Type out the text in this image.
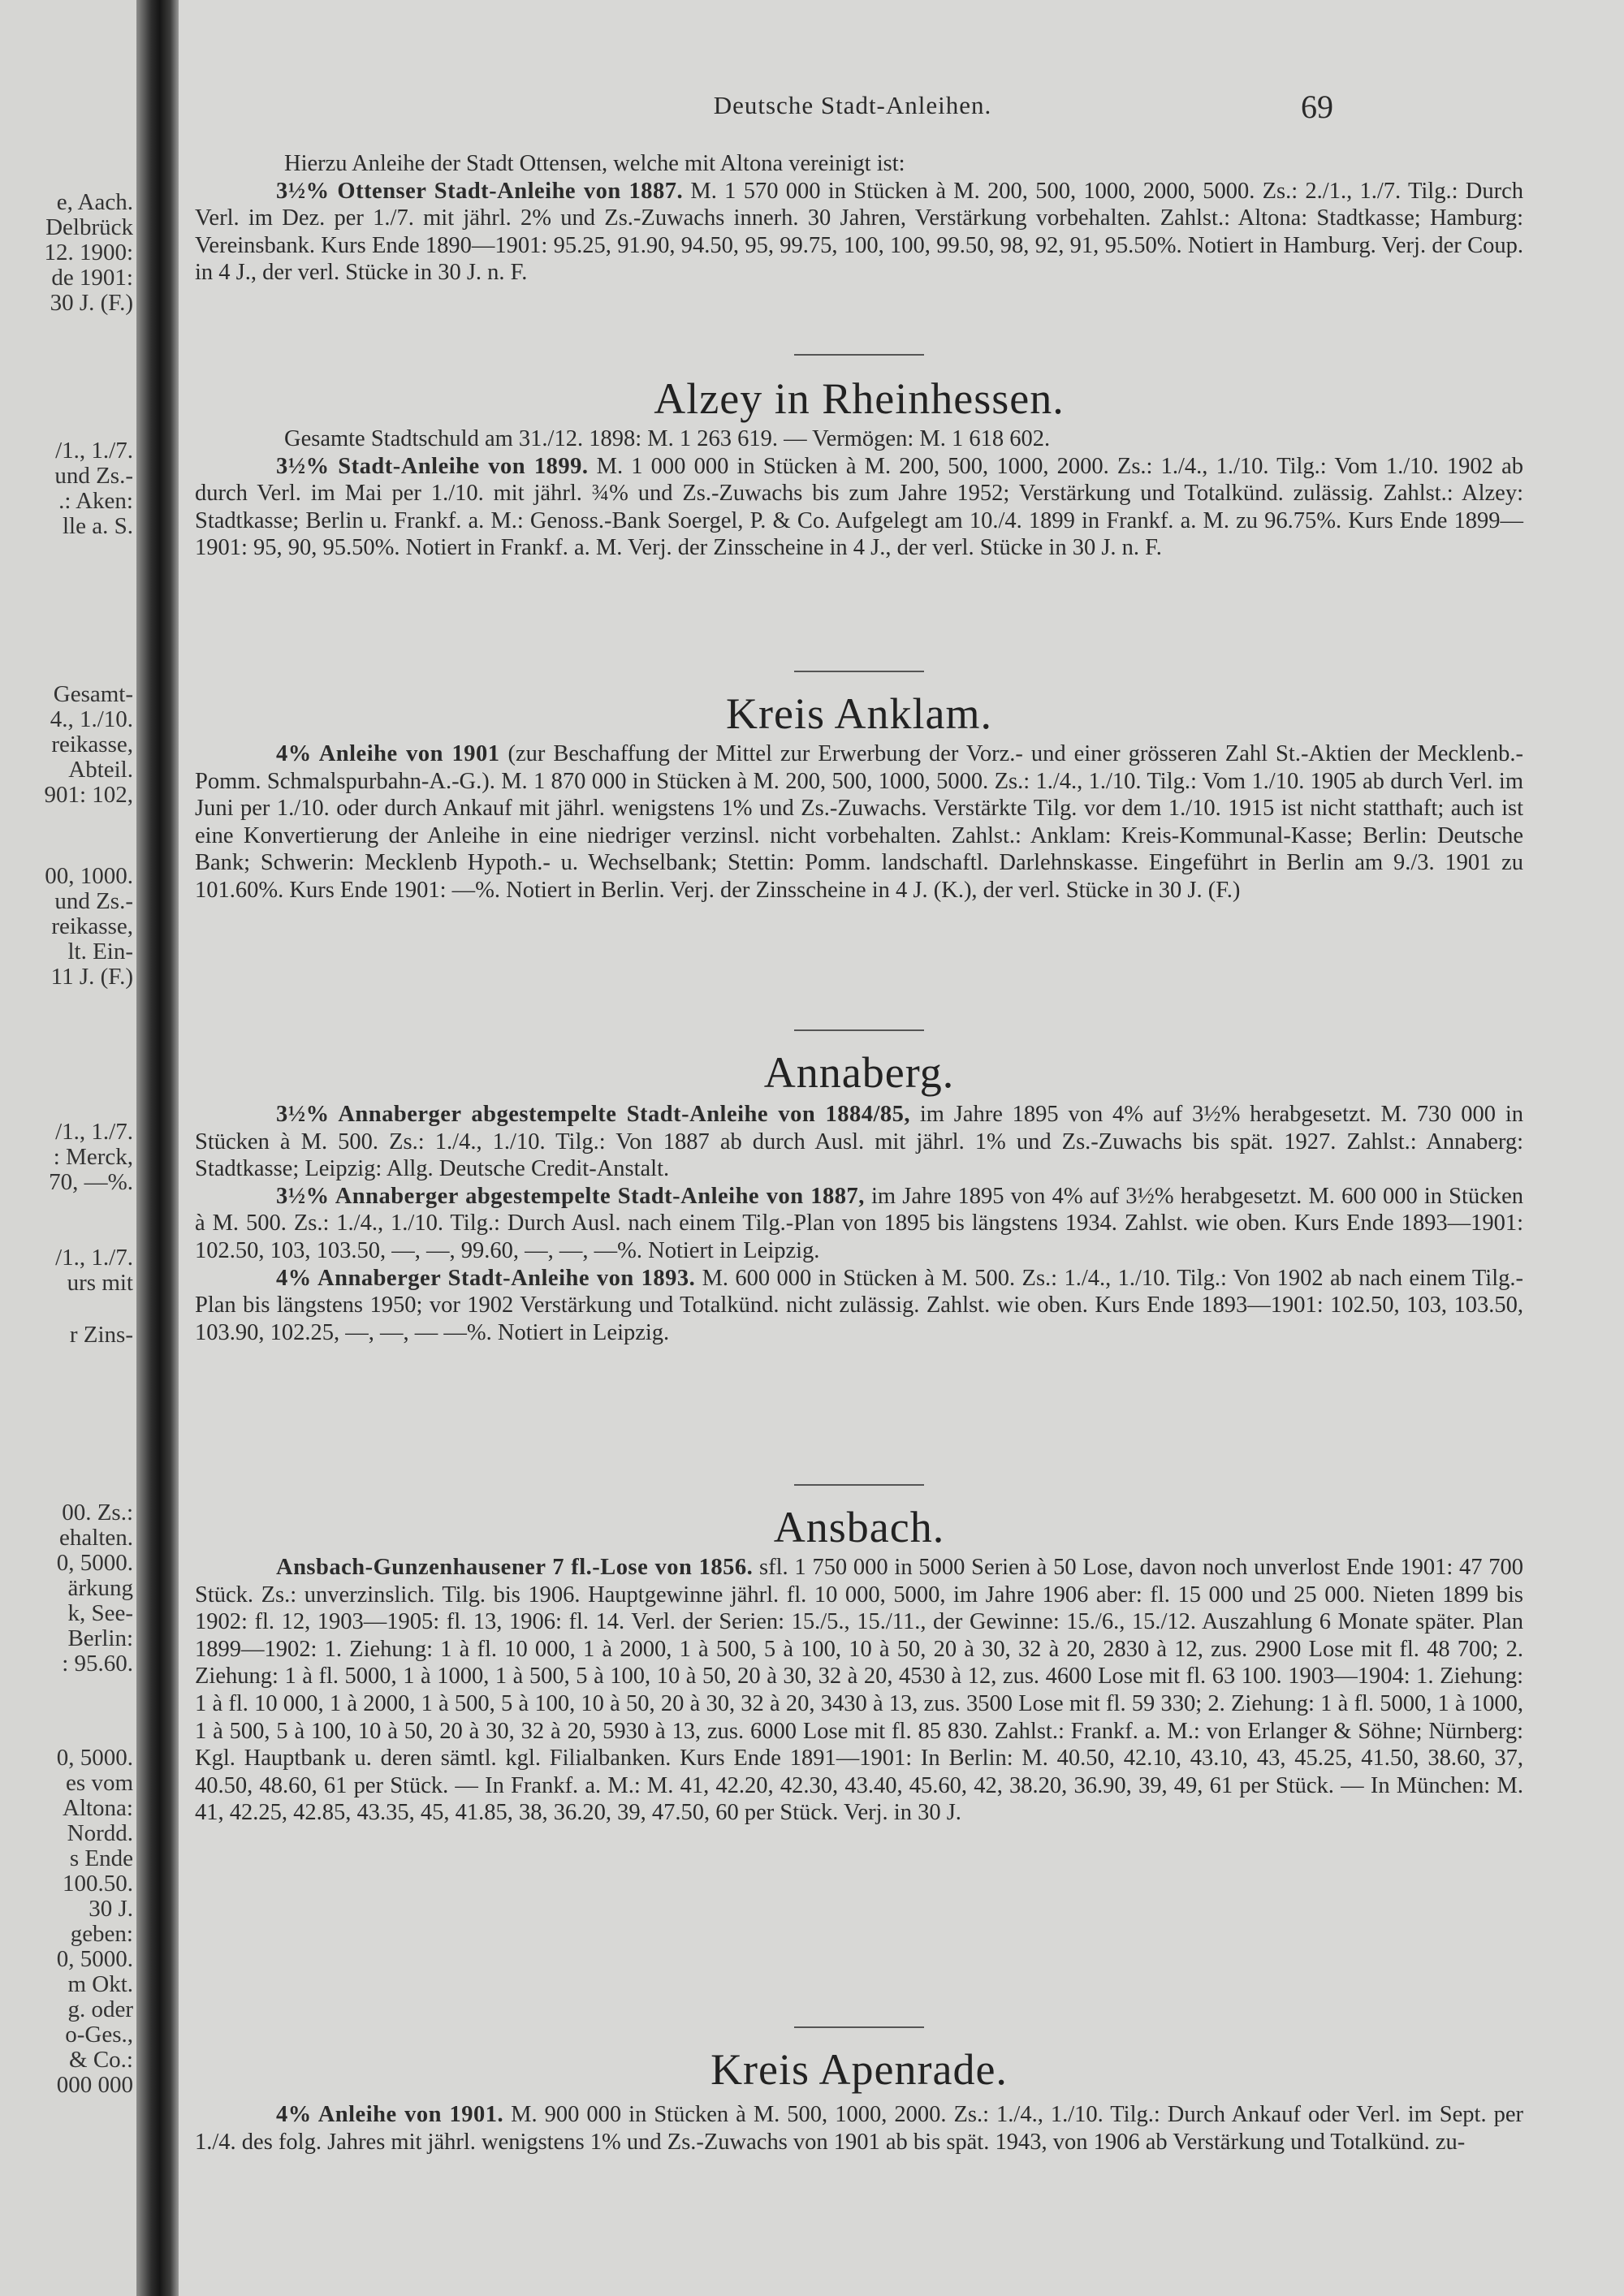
e, Aach.
Delbrück
12. 1900:
de 1901:
30 J. (F.)
/1., 1./7.
und Zs.-
.: Aken:
lle a. S.
Gesamt-
4., 1./10.
reikasse,
Abteil.
901: 102,
00, 1000.
und Zs.-
reikasse,
lt. Ein-
11 J. (F.)
/1., 1./7.
: Merck,
70, —%.
/1., 1./7.
urs mit
00. Zs.:
ehalten.
0, 5000.
ärkung
k, See-
Berlin:
: 95.60.
0, 5000.
es vom
Altona:
Nordd.
s Ende
100.50.
30 J.
geben:
0, 5000.
m Okt.
g. oder
o-Ges.,
& Co.:
000 000
r Zins-
Deutsche Stadt-Anleihen.	69

Hierzu Anleihe der Stadt Ottensen, welche mit Altona vereinigt ist:

3½% Ottenser Stadt-Anleihe von 1887. M. 1 570 000 in Stücken à M. 200, 500, 1000, 2000, 5000. Zs.: 2./1., 1./7. Tilg.: Durch Verl. im Dez. per 1./7. mit jährl. 2% und Zs.-Zuwachs innerh. 30 Jahren, Verstärkung vorbehalten. Zahlst.: Altona: Stadtkasse; Hamburg: Vereinsbank. Kurs Ende 1890—1901: 95.25, 91.90, 94.50, 95, 99.75, 100, 100, 99.50, 98, 92, 91, 95.50%. Notiert in Hamburg. Verj. der Coup. in 4 J., der verl. Stücke in 30 J. n. F.

Alzey in Rheinhessen.

Gesamte Stadtschuld am 31./12. 1898: M. 1 263 619. — Vermögen: M. 1 618 602.

3½% Stadt-Anleihe von 1899. M. 1 000 000 in Stücken à M. 200, 500, 1000, 2000. Zs.: 1./4., 1./10. Tilg.: Vom 1./10. 1902 ab durch Verl. im Mai per 1./10. mit jährl. ¾% und Zs.-Zuwachs bis zum Jahre 1952; Verstärkung und Totalkünd. zulässig. Zahlst.: Alzey: Stadtkasse; Berlin u. Frankf. a. M.: Genoss.-Bank Soergel, P. & Co. Aufgelegt am 10./4. 1899 in Frankf. a. M. zu 96.75%. Kurs Ende 1899—1901: 95, 90, 95.50%. Notiert in Frankf. a. M. Verj. der Zinsscheine in 4 J., der verl. Stücke in 30 J. n. F.

Kreis Anklam.

4% Anleihe von 1901 (zur Beschaffung der Mittel zur Erwerbung der Vorz.- und einer grösseren Zahl St.-Aktien der Mecklenb.-Pomm. Schmalspurbahn-A.-G.). M. 1 870 000 in Stücken à M. 200, 500, 1000, 5000. Zs.: 1./4., 1./10. Tilg.: Vom 1./10. 1905 ab durch Verl. im Juni per 1./10. oder durch Ankauf mit jährl. wenigstens 1% und Zs.-Zuwachs. Verstärkte Tilg. vor dem 1./10. 1915 ist nicht statthaft; auch ist eine Konvertierung der Anleihe in eine niedriger verzinsl. nicht vorbehalten. Zahlst.: Anklam: Kreis-Kommunal-Kasse; Berlin: Deutsche Bank; Schwerin: Mecklenb Hypoth.- u. Wechselbank; Stettin: Pomm. landschaftl. Darlehnskasse. Eingeführt in Berlin am 9./3. 1901 zu 101.60%. Kurs Ende 1901: —%. Notiert in Berlin. Verj. der Zinsscheine in 4 J. (K.), der verl. Stücke in 30 J. (F.)

Annaberg.

3½% Annaberger abgestempelte Stadt-Anleihe von 1884/85, im Jahre 1895 von 4% auf 3½% herabgesetzt. M. 730 000 in Stücken à M. 500. Zs.: 1./4., 1./10. Tilg.: Von 1887 ab durch Ausl. mit jährl. 1% und Zs.-Zuwachs bis spät. 1927. Zahlst.: Annaberg: Stadtkasse; Leipzig: Allg. Deutsche Credit-Anstalt.

3½% Annaberger abgestempelte Stadt-Anleihe von 1887, im Jahre 1895 von 4% auf 3½% herabgesetzt. M. 600 000 in Stücken à M. 500. Zs.: 1./4., 1./10. Tilg.: Durch Ausl. nach einem Tilg.-Plan von 1895 bis längstens 1934. Zahlst. wie oben. Kurs Ende 1893—1901: 102.50, 103, 103.50, —, —, 99.60, —, —, —%. Notiert in Leipzig.

4% Annaberger Stadt-Anleihe von 1893. M. 600 000 in Stücken à M. 500. Zs.: 1./4., 1./10. Tilg.: Von 1902 ab nach einem Tilg.-Plan bis längstens 1950; vor 1902 Verstärkung und Totalkünd. nicht zulässig. Zahlst. wie oben. Kurs Ende 1893—1901: 102.50, 103, 103.50, 103.90, 102.25, —, —, — —%. Notiert in Leipzig.

Ansbach.

Ansbach-Gunzenhausener 7 fl.-Lose von 1856. sfl. 1 750 000 in 5000 Serien à 50 Lose, davon noch unverlost Ende 1901: 47 700 Stück. Zs.: unverzinslich. Tilg. bis 1906. Hauptgewinne jährl. fl. 10 000, 5000, im Jahre 1906 aber: fl. 15 000 und 25 000. Nieten 1899 bis 1902: fl. 12, 1903—1905: fl. 13, 1906: fl. 14. Verl. der Serien: 15./5., 15./11., der Gewinne: 15./6., 15./12. Auszahlung 6 Monate später. Plan 1899—1902: 1. Ziehung: 1 à fl. 10 000, 1 à 2000, 1 à 500, 5 à 100, 10 à 50, 20 à 30, 32 à 20, 2830 à 12, zus. 2900 Lose mit fl. 48 700; 2. Ziehung: 1 à fl. 5000, 1 à 1000, 1 à 500, 5 à 100, 10 à 50, 20 à 30, 32 à 20, 4530 à 12, zus. 4600 Lose mit fl. 63 100. 1903—1904: 1. Ziehung: 1 à fl. 10 000, 1 à 2000, 1 à 500, 5 à 100, 10 à 50, 20 à 30, 32 à 20, 3430 à 13, zus. 3500 Lose mit fl. 59 330; 2. Ziehung: 1 à fl. 5000, 1 à 1000, 1 à 500, 5 à 100, 10 à 50, 20 à 30, 32 à 20, 5930 à 13, zus. 6000 Lose mit fl. 85 830. Zahlst.: Frankf. a. M.: von Erlanger & Söhne; Nürnberg: Kgl. Hauptbank u. deren sämtl. kgl. Filialbanken. Kurs Ende 1891—1901: In Berlin: M. 40.50, 42.10, 43.10, 43, 45.25, 41.50, 38.60, 37, 40.50, 48.60, 61 per Stück. — In Frankf. a. M.: M. 41, 42.20, 42.30, 43.40, 45.60, 42, 38.20, 36.90, 39, 49, 61 per Stück. — In München: M. 41, 42.25, 42.85, 43.35, 45, 41.85, 38, 36.20, 39, 47.50, 60 per Stück. Verj. in 30 J.

Kreis Apenrade.

4% Anleihe von 1901. M. 900 000 in Stücken à M. 500, 1000, 2000. Zs.: 1./4., 1./10. Tilg.: Durch Ankauf oder Verl. im Sept. per 1./4. des folg. Jahres mit jährl. wenigstens 1% und Zs.-Zuwachs von 1901 ab bis spät. 1943, von 1906 ab Verstärkung und Totalkünd. zu-
